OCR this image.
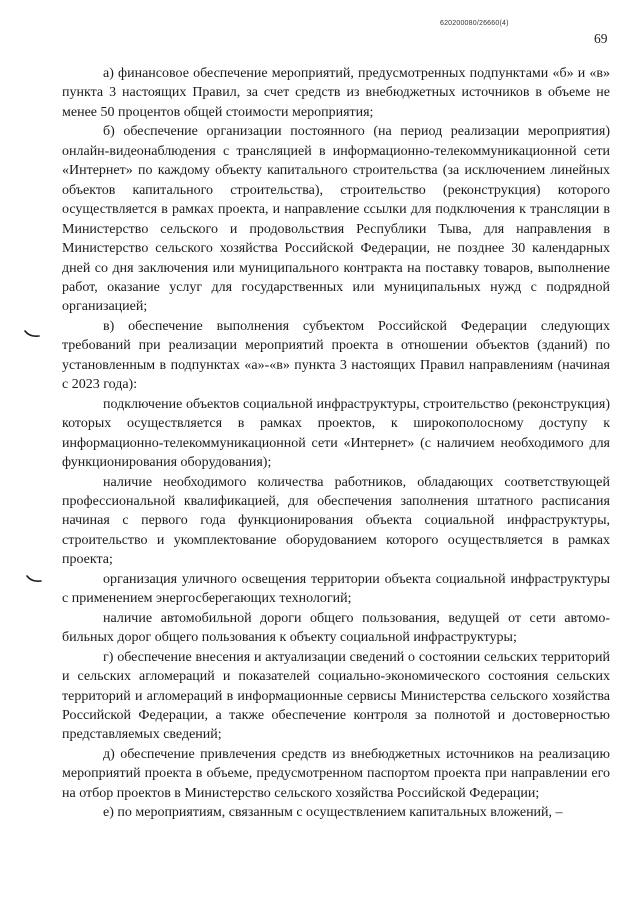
620200080/26660(4)
69

а) финансовое обеспечение мероприятий, предусмотренных подпунктами «б» и «в» пункта 3 настоящих Правил, за счет средств из внебюджетных источников в объеме не менее 50 процентов общей стоимости мероприятия;

б) обеспечение организации постоянного (на период реализации мероприятия) онлайн-видеонаблюдения с трансляцией в информационно-телекоммуникационной сети «Интернет» по каждому объекту капитального строительства (за исключением линейных объектов капитального строительства), строительство (реконструкция) которого осуществляется в рамках проекта, и направление ссылки для подключения к трансляции в Министерство сельского и продовольствия Республики Тыва, для направления в Министерство сельского хозяйства Российской Федерации, не позднее 30 календарных дней со дня заключения или муниципального контракта на поставку товаров, выполнение работ, оказание услуг для государственных или муниципальных нужд с подрядной организацией;

в) обеспечение выполнения субъектом Российской Федерации следующих требований при реализации мероприятий проекта в отношении объектов (зданий) по установленным в подпунктах «а»-«в» пункта 3 настоящих Правил направлениям (начиная с 2023 года):

подключение объектов социальной инфраструктуры, строительство (реконструкция) которых осуществляется в рамках проектов, к широкополосному доступу к информационно-телекоммуникационной сети «Интернет» (с наличием необходимого для функционирования оборудования);

наличие необходимого количества работников, обладающих соответствующей профессиональной квалификацией, для обеспечения заполнения штатного расписания начиная с первого года функционирования объекта социальной инфраструктуры, строительство и укомплектование оборудованием которого осуществляется в рамках проекта;

организация уличного освещения территории объекта социальной инфраструктуры с применением энергосберегающих технологий;

наличие автомобильной дороги общего пользования, ведущей от сети автомобильных дорог общего пользования к объекту социальной инфраструктуры;

г) обеспечение внесения и актуализации сведений о состоянии сельских территорий и сельских агломераций и показателей социально-экономического состояния сельских территорий и агломераций в информационные сервисы Министерства сельского хозяйства Российской Федерации, а также обеспечение контроля за полнотой и достоверностью представляемых сведений;

д) обеспечение привлечения средств из внебюджетных источников на реализацию мероприятий проекта в объеме, предусмотренном паспортом проекта при направлении его на отбор проектов в Министерство сельского хозяйства Российской Федерации;

е) по мероприятиям, связанным с осуществлением капитальных вложений, –
